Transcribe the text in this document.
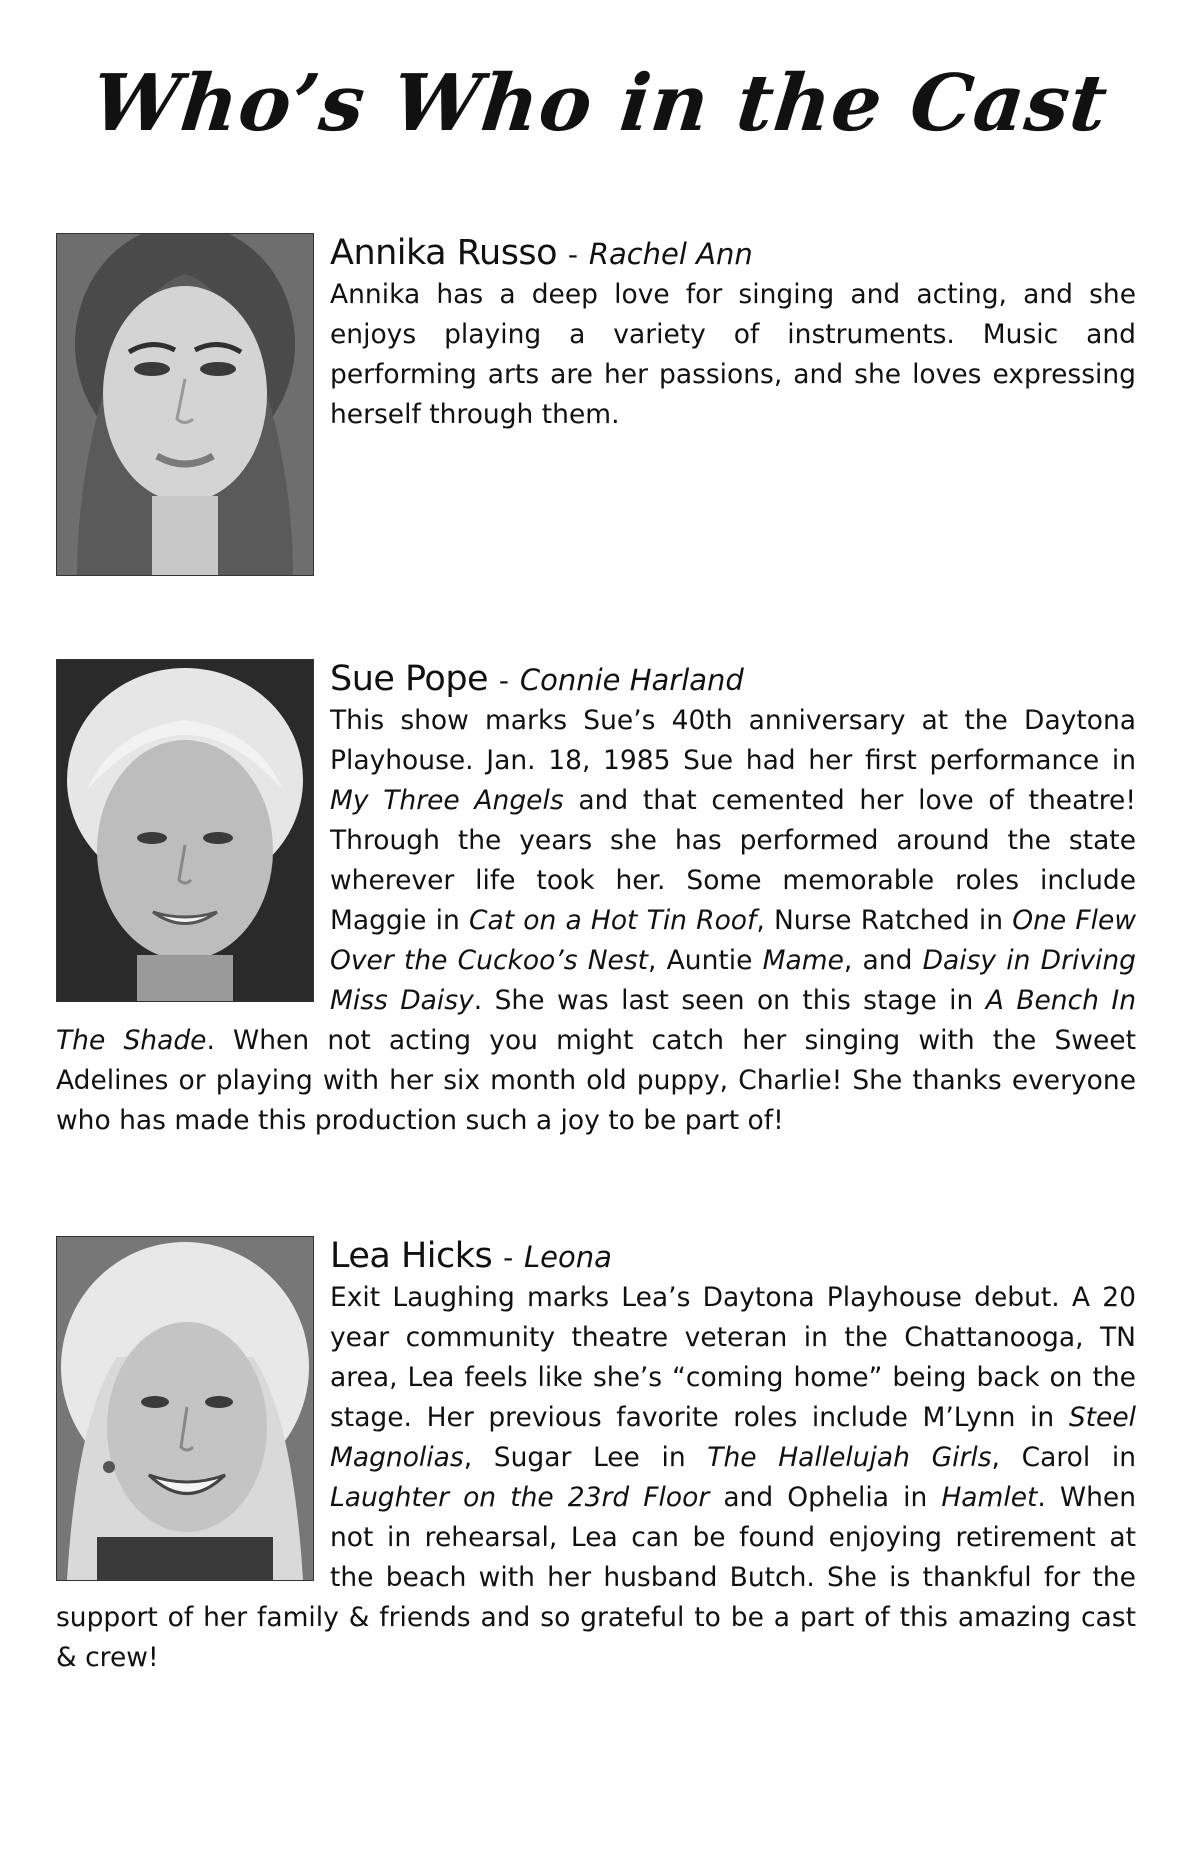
Who’s Who in the Cast

Annika Russo - Rachel Ann

Annika has a deep love for singing and acting, and she enjoys playing a variety of instruments. Music and performing arts are her passions, and she loves expressing herself through them.

Sue Pope - Connie Harland

This show marks Sue’s 40th anniversary at the Daytona Playhouse. Jan. 18, 1985 Sue had her first performance in My Three Angels and that cemented her love of theatre! Through the years she has performed around the state wherever life took her. Some memorable roles include Maggie in Cat on a Hot Tin Roof, Nurse Ratched in One Flew Over the Cuckoo’s Nest, Auntie Mame, and Daisy in Driving Miss Daisy. She was last seen on this stage in A Bench In The Shade. When not acting you might catch her singing with the Sweet Adelines or playing with her six month old puppy, Charlie! She thanks everyone who has made this production such a joy to be part of!

Lea Hicks - Leona

Exit Laughing marks Lea’s Daytona Playhouse debut. A 20 year community theatre veteran in the Chattanooga, TN area, Lea feels like she’s “coming home” being back on the stage. Her previous favorite roles include M’Lynn in Steel Magnolias, Sugar Lee in The Hallelujah Girls, Carol in Laughter on the 23rd Floor and Ophelia in Hamlet. When not in rehearsal, Lea can be found enjoying retirement at the beach with her husband Butch. She is thankful for the support of her family & friends and so grateful to be a part of this amazing cast & crew!
